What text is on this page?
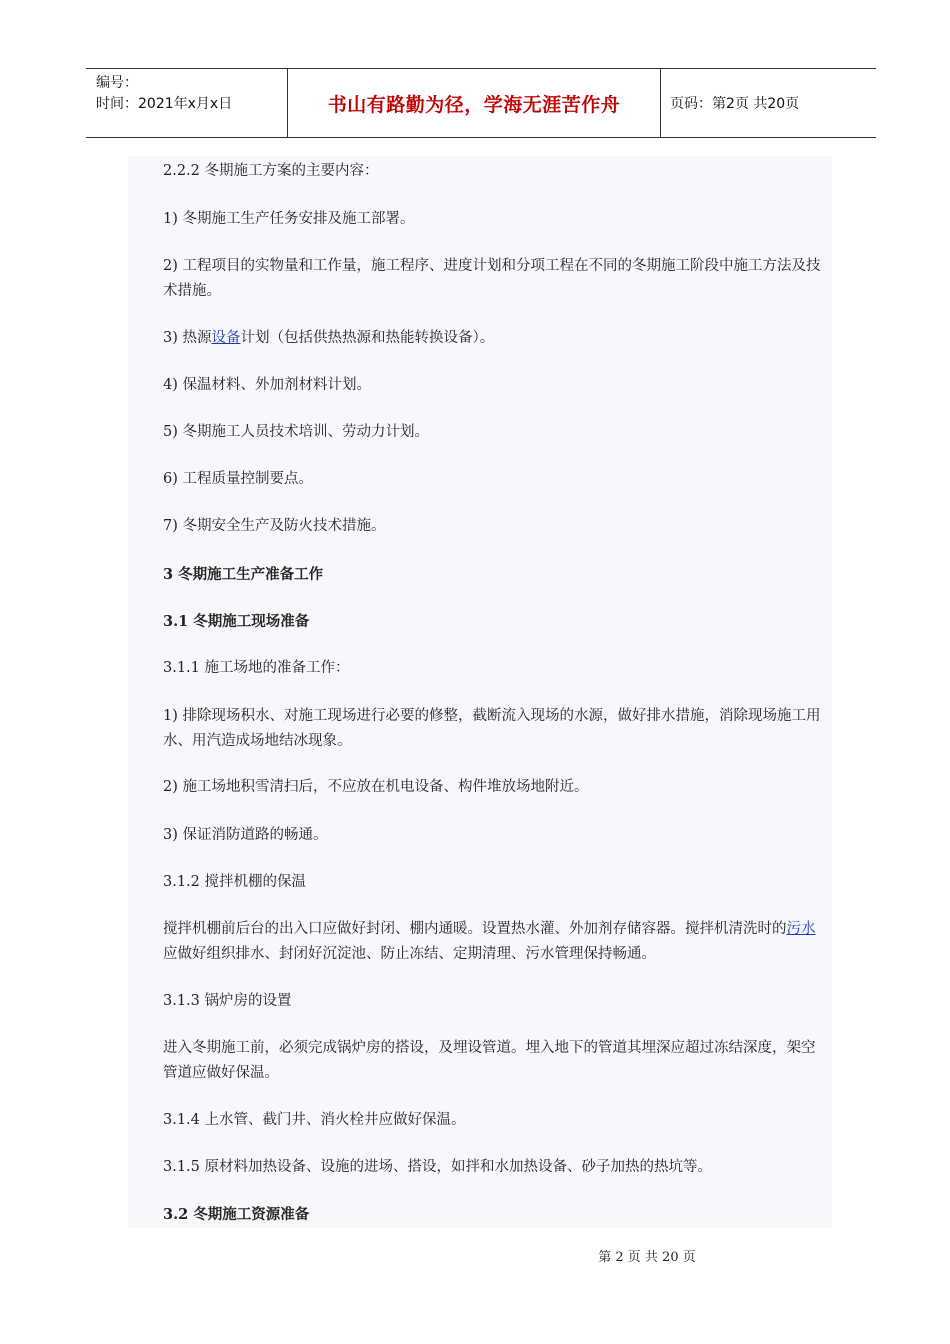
编号：
时间：2021年x月x日	书山有路勤为径，学海无涯苦作舟	页码：第2页 共20页
2.2.2 冬期施工方案的主要内容：
1) 冬期施工生产任务安排及施工部署。
2) 工程项目的实物量和工作量，施工程序、进度计划和分项工程在不同的冬期施工阶段中施工方法及技术措施。
3) 热源设备计划（包括供热热源和热能转换设备）。
4) 保温材料、外加剂材料计划。
5) 冬期施工人员技术培训、劳动力计划。
6) 工程质量控制要点。
7) 冬期安全生产及防火技术措施。
3 冬期施工生产准备工作
3.1 冬期施工现场准备
3.1.1 施工场地的准备工作：
1) 排除现场积水、对施工现场进行必要的修整，截断流入现场的水源，做好排水措施，消除现场施工用水、用汽造成场地结冰现象。
2) 施工场地积雪清扫后，不应放在机电设备、构件堆放场地附近。
3) 保证消防道路的畅通。
3.1.2 搅拌机棚的保温
搅拌机棚前后台的出入口应做好封闭、棚内通暖。设置热水灌、外加剂存储容器。搅拌机清洗时的污水应做好组织排水、封闭好沉淀池、防止冻结、定期清理、污水管理保持畅通。
3.1.3 锅炉房的设置
进入冬期施工前，必须完成锅炉房的搭设，及埋设管道。埋入地下的管道其埋深应超过冻结深度，架空管道应做好保温。
3.1.4 上水管、截门井、消火栓井应做好保温。
3.1.5 原材料加热设备、设施的进场、搭设，如拌和水加热设备、砂子加热的热坑等。
3.2 冬期施工资源准备
第 2 页 共 20 页
